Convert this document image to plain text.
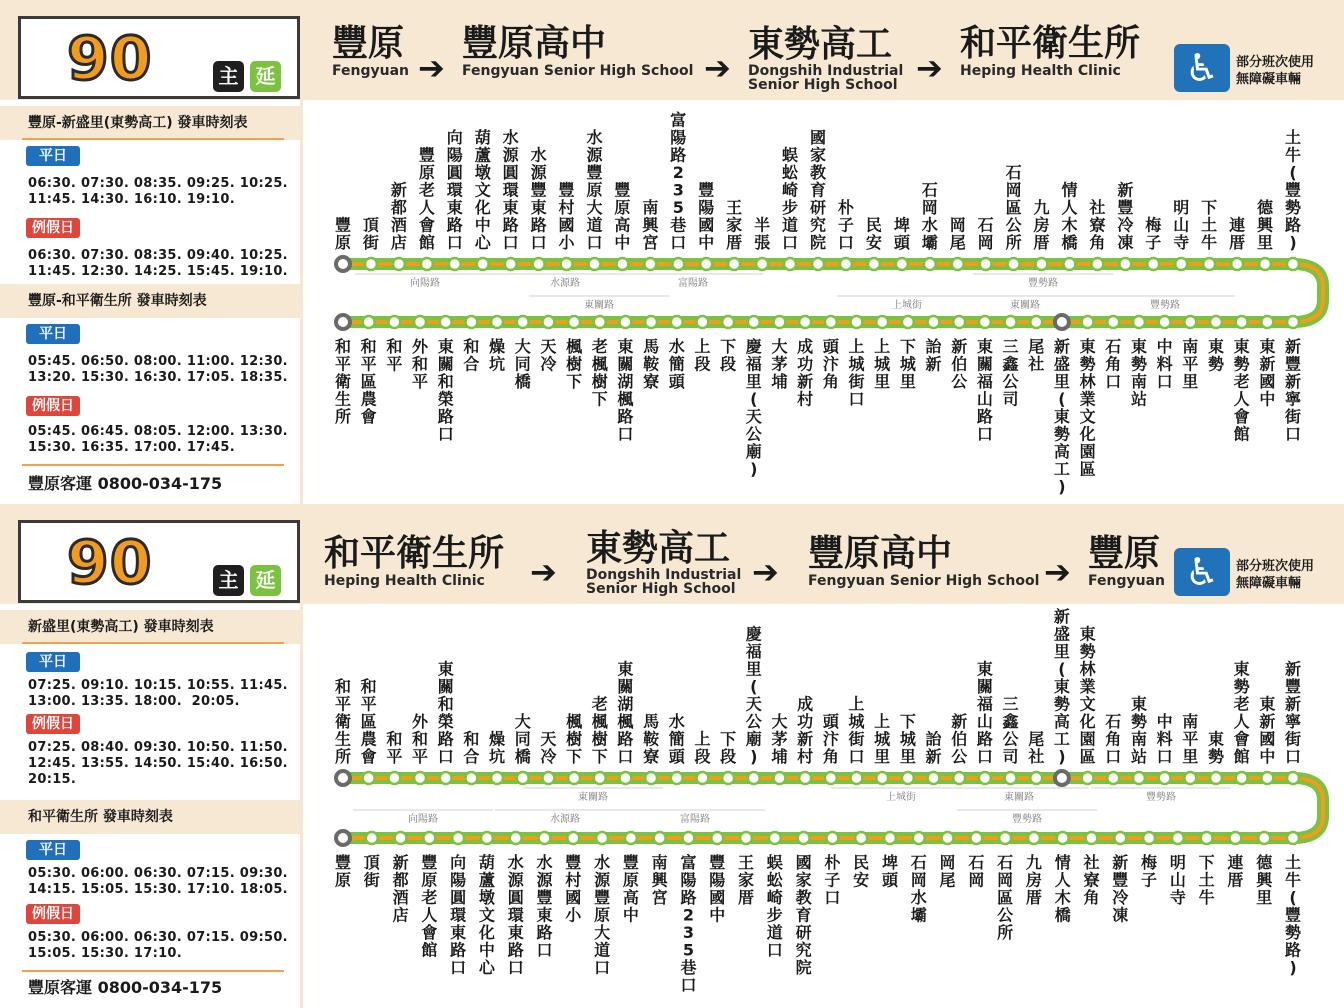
90	主 延
豐原
Fengyuan ➔
豐原高中
Fengyuan Senior High School ➔
東勢高工
Dongshih Industrial
Senior High School ➔
和平衛生所
Heping Health Clinic	♿	部分班次使用
無障礙車輛
豐原-新盛里(東勢高工) 發車時刻表
平日
06:30. 07:30. 08:35. 09:25. 10:25.
11:45. 14:30. 16:10. 19:10.
例假日
06:30. 07:30. 08:35. 09:40. 10:25.
11:45. 12:30. 14:25. 15:45. 19:10.
豐原-和平衛生所 發車時刻表
平日
05:45. 06:50. 08:00. 11:00. 12:30.
13:20. 15:30. 16:30. 17:05. 18:35.
例假日
05:45. 06:45. 08:05. 12:00. 13:30.
15:30. 16:35. 17:00. 17:45.
豐原客運 0800-034-175
豐
原
頂
街
新
都
酒
店
豐
原
老
人
會
館
向
陽
圓
環
東
路
口
葫
蘆
墩
文
化
中
心
水
源
圓
環
東
路
口
水
源
豐
東
路
口
豐
村
國
小
水
源
豐
原
大
道
口
豐
原
高
中
南
興
宮
富
陽
路
2
3
5
巷
口
豐
陽
國
中
王
家
厝
半
張
蜈
蚣
崎
步
道
口
國
家
教
育
研
究
院
朴
子
口
民
安
埤
頭
石
岡
水
壩
岡
尾
石
岡
石
岡
區
公
所
九
房
厝
情
人
木
橋
社
寮
角
新
豐
冷
凍
梅
子
明
山
寺
下
土
牛
連
厝
德
興
里
土
牛
(
豐
勢
路
)
和
平
衛
生
所
和
平
區
農
會
和
平
外
和
平
東
關
和
榮
路
口
和
合
燥
坑
大
同
橋
天
冷
楓
樹
下
老
楓
樹
下
東
關
湖
楓
路
口
馬
鞍
寮
水
簡
頭
上
段
下
段
慶
福
里
(
天
公
廟
)
大
茅
埔
成
功
新
村
頭
汴
角
上
城
街
口
上
城
里
下
城
里
詒
新
新
伯
公
東
關
福
山
路
口
三
鑫
公
司
尾
社
新
盛
里
(
東
勢
高
工
)
東
勢
林
業
文
化
園
區
石
角
口
東
勢
南
站
中
料
口
南
平
里
東
勢
東
勢
老
人
會
館
東
新
國
中
新
豐
新
寧
街
口
向陽路	水源路	富陽路	豐勢路
東關路	上城街	東關路	豐勢路
90	主 延
和平衛生所
Heping Health Clinic	➔
東勢高工
Dongshih Industrial
Senior High School ➔ 豐原高中
Fengyuan Senior High School ➔ 豐原
Fengyuan ♿	部分班次使用
無障礙車輛
新盛里(東勢高工) 發車時刻表
平日
07:25. 09:10. 10:15. 10:55. 11:45.
13:00. 13:35. 18:00.  20:05.
例假日
07:25. 08:40. 09:30. 10:50. 11:50.
12:45. 13:55. 14:50. 15:40. 16:50.
20:15.
和平衛生所 發車時刻表
平日
05:30. 06:00. 06:30. 07:15. 09:30.
14:15. 15:05. 15:30. 17:10. 18:05.
例假日
05:30. 06:00. 06:30. 07:15. 09:50.
15:05. 15:30. 17:10.
豐原客運 0800-034-175
和
平
衛
生
所
和
平
區
農
會
和
平
外
和
平
東
關
和
榮
路
口
和
合
燥
坑
大
同
橋
天
冷
楓
樹
下
老
楓
樹
下
東
關
湖
楓
路
口
馬
鞍
寮
水
簡
頭
上
段
下
段
慶
福
里
(
天
公
廟
)
大
茅
埔
成
功
新
村
頭
汴
角
上
城
街
口
上
城
里
下
城
里
詒
新
新
伯
公
東
關
福
山
路
口
三
鑫
公
司
尾
社
新
盛
里
(
東
勢
高
工
)
東
勢
林
業
文
化
園
區
石
角
口
東
勢
南
站
中
料
口
南
平
里
東
勢
東
勢
老
人
會
館
東
新
國
中
新
豐
新
寧
街
口
豐
原
頂
街
新
都
酒
店
豐
原
老
人
會
館
向
陽
圓
環
東
路
口
葫
蘆
墩
文
化
中
心
水
源
圓
環
東
路
口
水
源
豐
東
路
口
豐
村
國
小
水
源
豐
原
大
道
口
豐
原
高
中
南
興
宮
富
陽
路
2
3
5
巷
口
豐
陽
國
中
王
家
厝
蜈
蚣
崎
步
道
口
國
家
教
育
研
究
院
朴
子
口
民
安
埤
頭
石
岡
水
壩
岡
尾
石
岡
石
岡
區
公
所
九
房
厝
情
人
木
橋
社
寮
角
新
豐
冷
凍
梅
子
明
山
寺
下
土
牛
連
厝
德
興
里
土
牛
(
豐
勢
路
)
東關路	上城街	東關路	豐勢路
向陽路	水源路	富陽路	豐勢路
